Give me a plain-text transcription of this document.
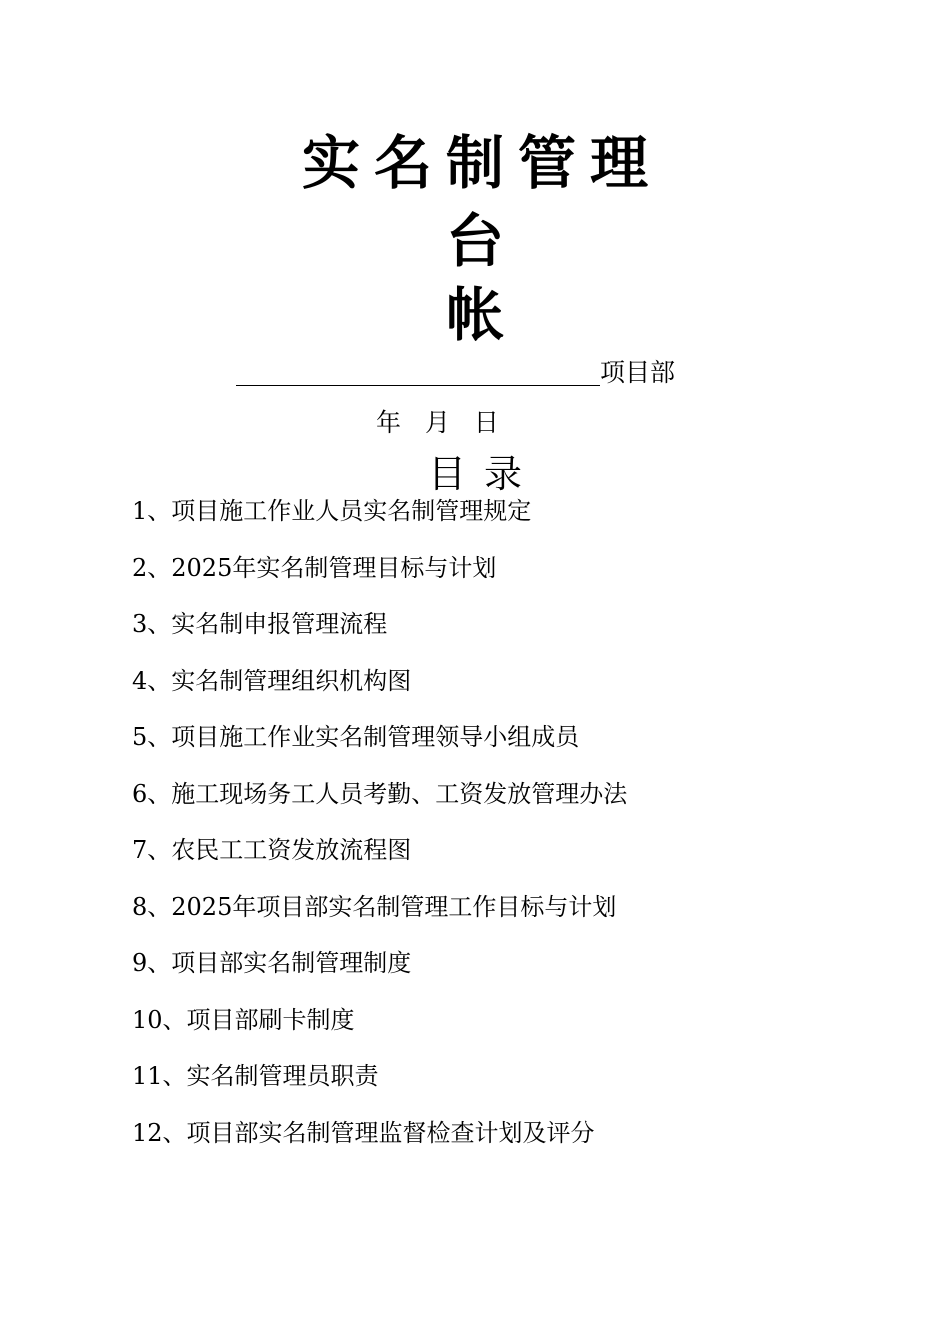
实名制管理
台
帐
项目部
年 月 日
目录
1、项目施工作业人员实名制管理规定
2、2025年实名制管理目标与计划
3、实名制申报管理流程
4、实名制管理组织机构图
5、项目施工作业实名制管理领导小组成员
6、施工现场务工人员考勤、工资发放管理办法
7、农民工工资发放流程图
8、2025年项目部实名制管理工作目标与计划
9、项目部实名制管理制度
10、项目部刷卡制度
11、实名制管理员职责
12、项目部实名制管理监督检查计划及评分
